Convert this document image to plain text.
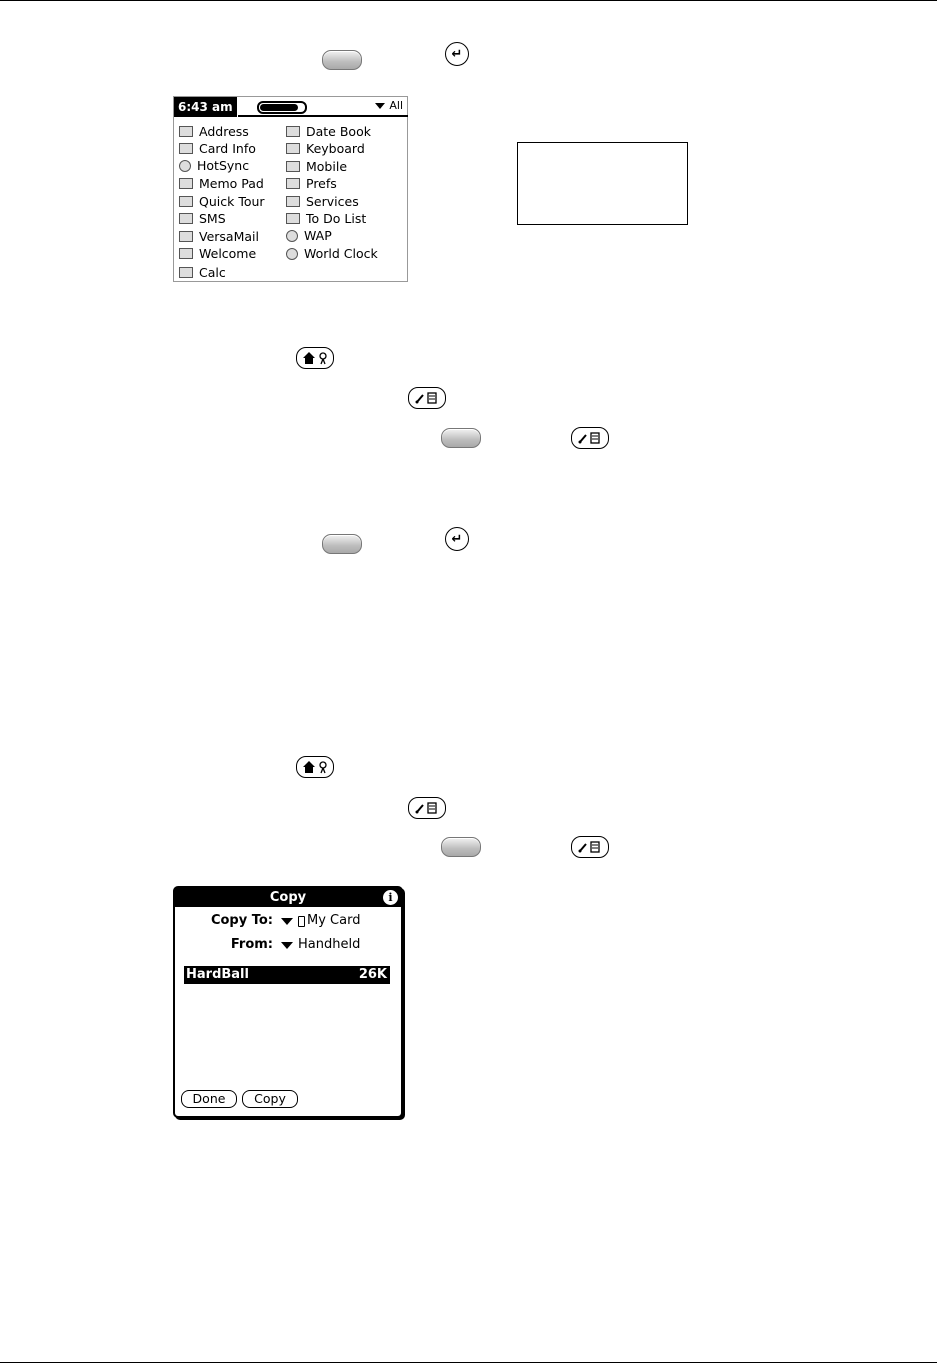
↵
6:43 am	All
Address
Card Info
HotSync
Memo Pad
Quick Tour
SMS
VersaMail
Welcome
Calc
Date Book
Keyboard
Mobile
Prefs
Services
To Do List
WAP
World Clock
↵
Copy	i
Copy To:	My Card
From: Handheld
HardBall	26K
Done	Copy
